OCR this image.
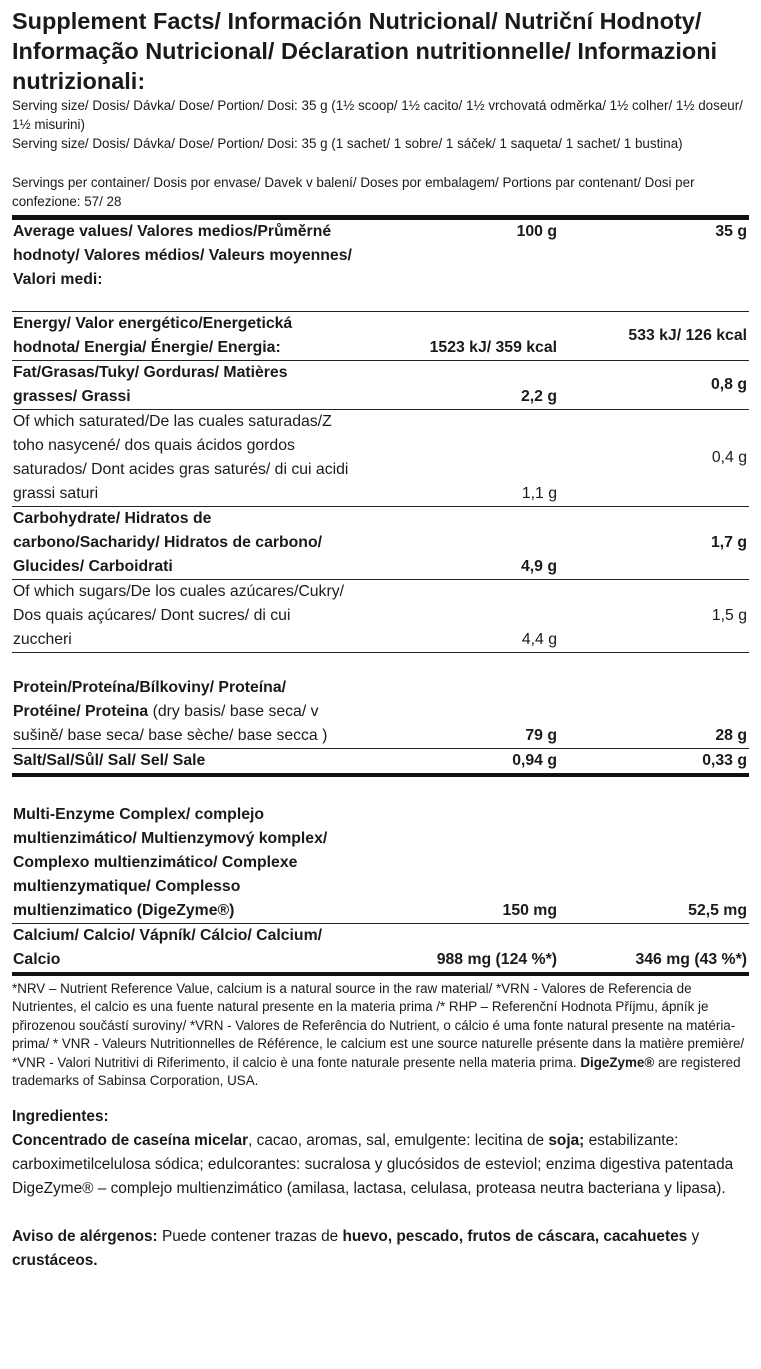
Supplement Facts/ Información Nutricional/ Nutriční Hodnoty/ Informação Nutricional/ Déclaration nutritionnelle/ Informazioni nutrizionali:

Serving size/ Dosis/ Dávka/ Dose/ Portion/ Dosi: 35 g (1½ scoop/ 1½ cacito/ 1½ vrchovatá odměrka/ 1½ colher/ 1½ doseur/ 1½ misurini)

Serving size/ Dosis/ Dávka/ Dose/ Portion/ Dosi: 35 g (1 sachet/ 1 sobre/ 1 sáček/ 1 saqueta/ 1 sachet/ 1 bustina)

Servings per container/ Dosis por envase/ Davek v balení/ Doses por embalagem/ Portions par contenant/ Dosi per confezione: 57/ 28

Average values/ Valores medios/Průměrné hodnoty/ Valores médios/ Valeurs moyennes/ Valori medi:	100 g	35 g
Energy/ Valor energético/Energetická hodnota/ Energia/ Énergie/ Energia:	1523 kJ/ 359 kcal	533 kJ/ 126 kcal
Fat/Grasas/Tuky/ Gorduras/ Matières grasses/ Grassi	2,2 g	0,8 g
Of which saturated/De las cuales saturadas/Z toho nasycené/ dos quais ácidos gordos saturados/ Dont acides gras saturés/ di cui acidi grassi saturi	1,1 g	0,4 g
Carbohydrate/ Hidratos de carbono/Sacharidy/ Hidratos de carbono/ Glucides/ Carboidrati	4,9 g	1,7 g
Of which sugars/De los cuales azúcares/Cukry/ Dos quais açúcares/ Dont sucres/ di cui zuccheri	4,4 g	1,5 g
Protein/Proteína/Bílkoviny/ Proteína/ Protéine/ Proteina (dry basis/ base seca/ v sušině/ base seca/ base sèche/ base secca )	79 g	28 g
Salt/Sal/Sůl/ Sal/ Sel/ Sale	0,94 g	0,33 g
Multi-Enzyme Complex/ complejo multienzimático/ Multienzymový komplex/ Complexo multienzimático/ Complexe multienzymatique/ Complesso multienzimatico (DigeZyme®)	150 mg	52,5 mg
Calcium/ Calcio/ Vápník/ Cálcio/ Calcium/ Calcio	988 mg (124 %*)	346 mg (43 %*)
*NRV – Nutrient Reference Value, calcium is a natural source in the raw material/ *VRN - Valores de Referencia de Nutrientes, el calcio es una fuente natural presente en la materia prima /* RHP – Referenční Hodnota Příjmu, ápník je přirozenou součástí suroviny/ *VRN - Valores de Referência do Nutrient, o cálcio é uma fonte natural presente na matéria-prima/ * VNR - Valeurs Nutritionnelles de Référence, le calcium est une source naturelle présente dans la matière première/ *VNR - Valori Nutritivi di Riferimento, il calcio è una fonte naturale presente nella materia prima. DigeZyme® are registered trademarks of Sabinsa Corporation, USA.
Ingredientes:
Concentrado de caseína micelar, cacao, aromas, sal, emulgente: lecitina de soja; estabilizante: carboximetilcelulosa sódica; edulcorantes: sucralosa y glucósidos de esteviol; enzima digestiva patentada DigeZyme® – complejo multienzimático (amilasa, lactasa, celulasa, proteasa neutra bacteriana y lipasa).
Aviso de alérgenos: Puede contener trazas de huevo, pescado, frutos de cáscara, cacahuetes y crustáceos.
